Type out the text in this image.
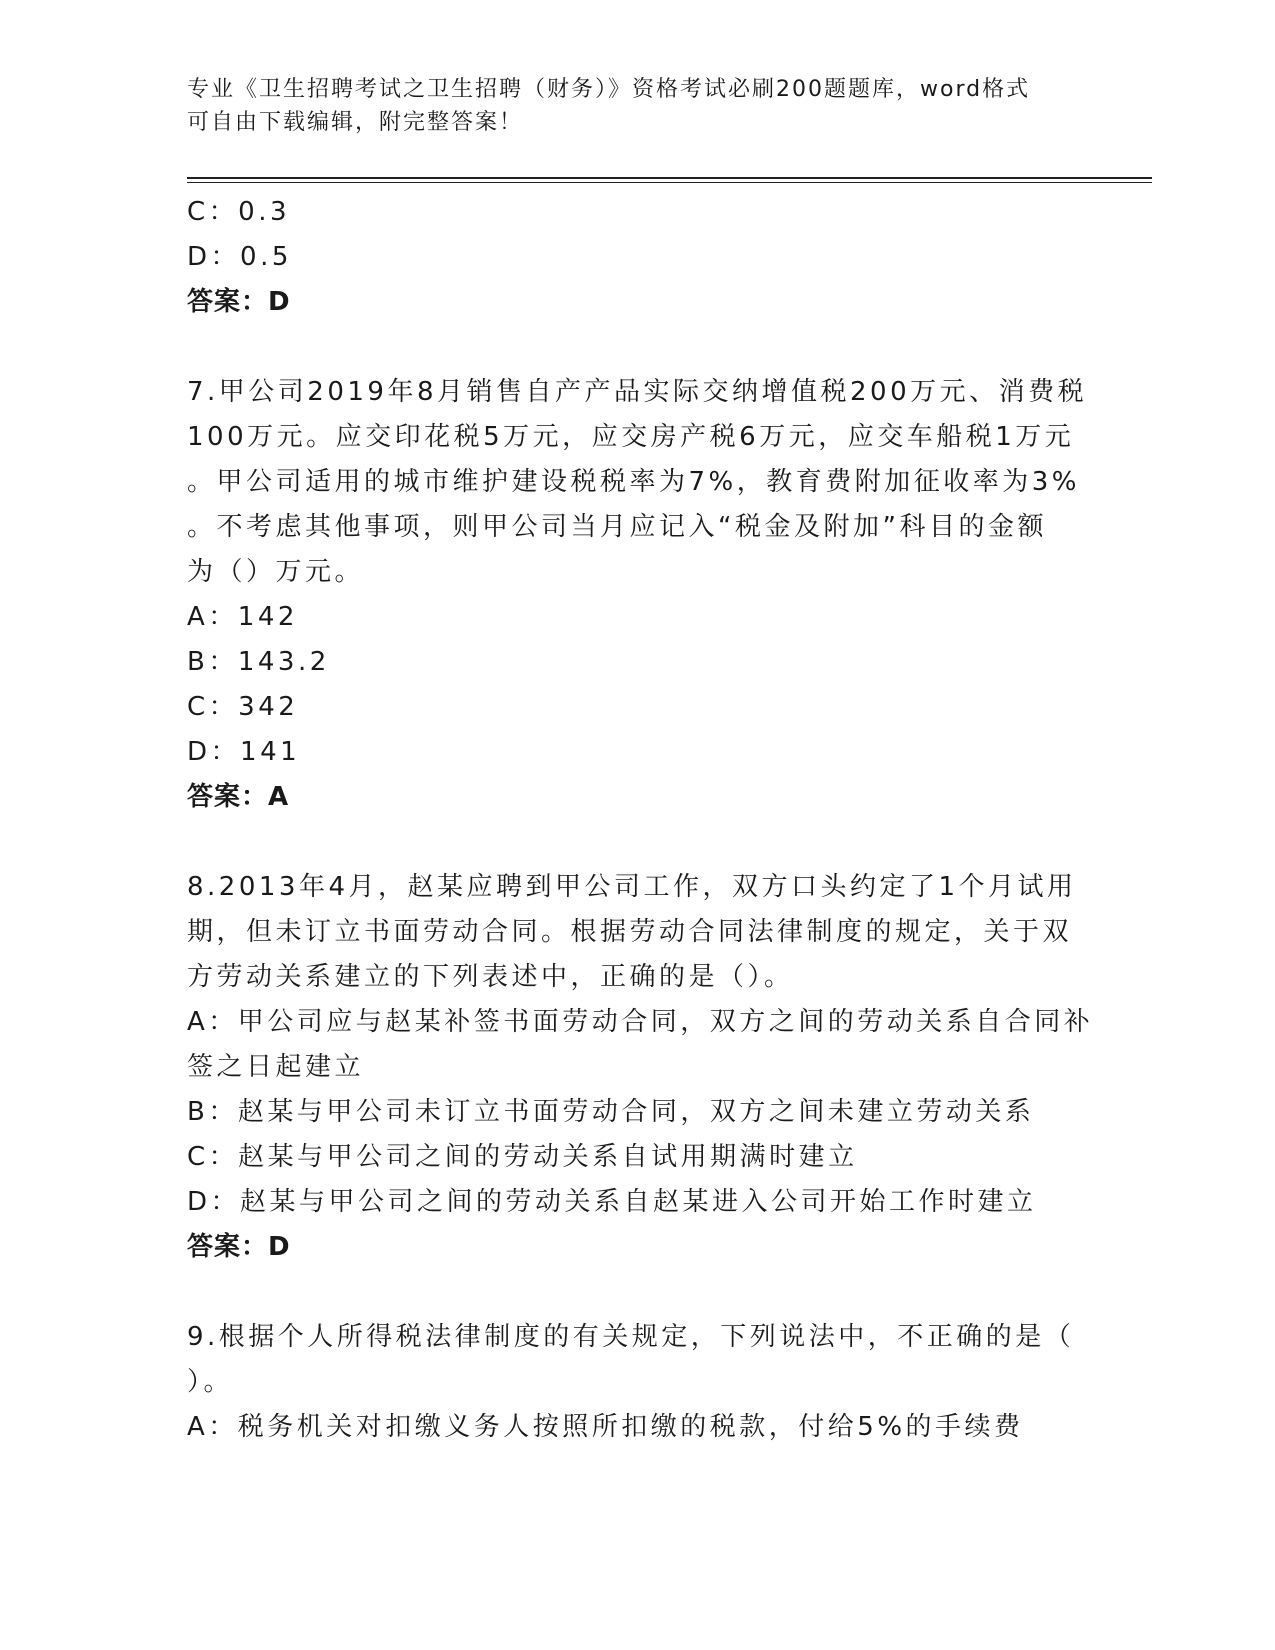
专业《卫生招聘考试之卫生招聘（财务）》资格考试必刷200题题库，word格式
可自由下载编辑，附完整答案！
C：0.3
D：0.5
答案：D
7.甲公司2019年8月销售自产产品实际交纳增值税200万元、消费税
100万元。应交印花税5万元，应交房产税6万元，应交车船税1万元
。甲公司适用的城市维护建设税税率为7%，教育费附加征收率为3%
。不考虑其他事项，则甲公司当月应记入“税金及附加”科目的金额
为（）万元。
A：142
B：143.2
C：342
D：141
答案：A
8.2013年4月，赵某应聘到甲公司工作，双方口头约定了1个月试用
期，但未订立书面劳动合同。根据劳动合同法律制度的规定，关于双
方劳动关系建立的下列表述中，正确的是（）。
A：甲公司应与赵某补签书面劳动合同，双方之间的劳动关系自合同补
签之日起建立
B：赵某与甲公司未订立书面劳动合同，双方之间未建立劳动关系
C：赵某与甲公司之间的劳动关系自试用期满时建立
D：赵某与甲公司之间的劳动关系自赵某进入公司开始工作时建立
答案：D
9.根据个人所得税法律制度的有关规定，下列说法中，不正确的是（
）。
A：税务机关对扣缴义务人按照所扣缴的税款，付给5%的手续费
